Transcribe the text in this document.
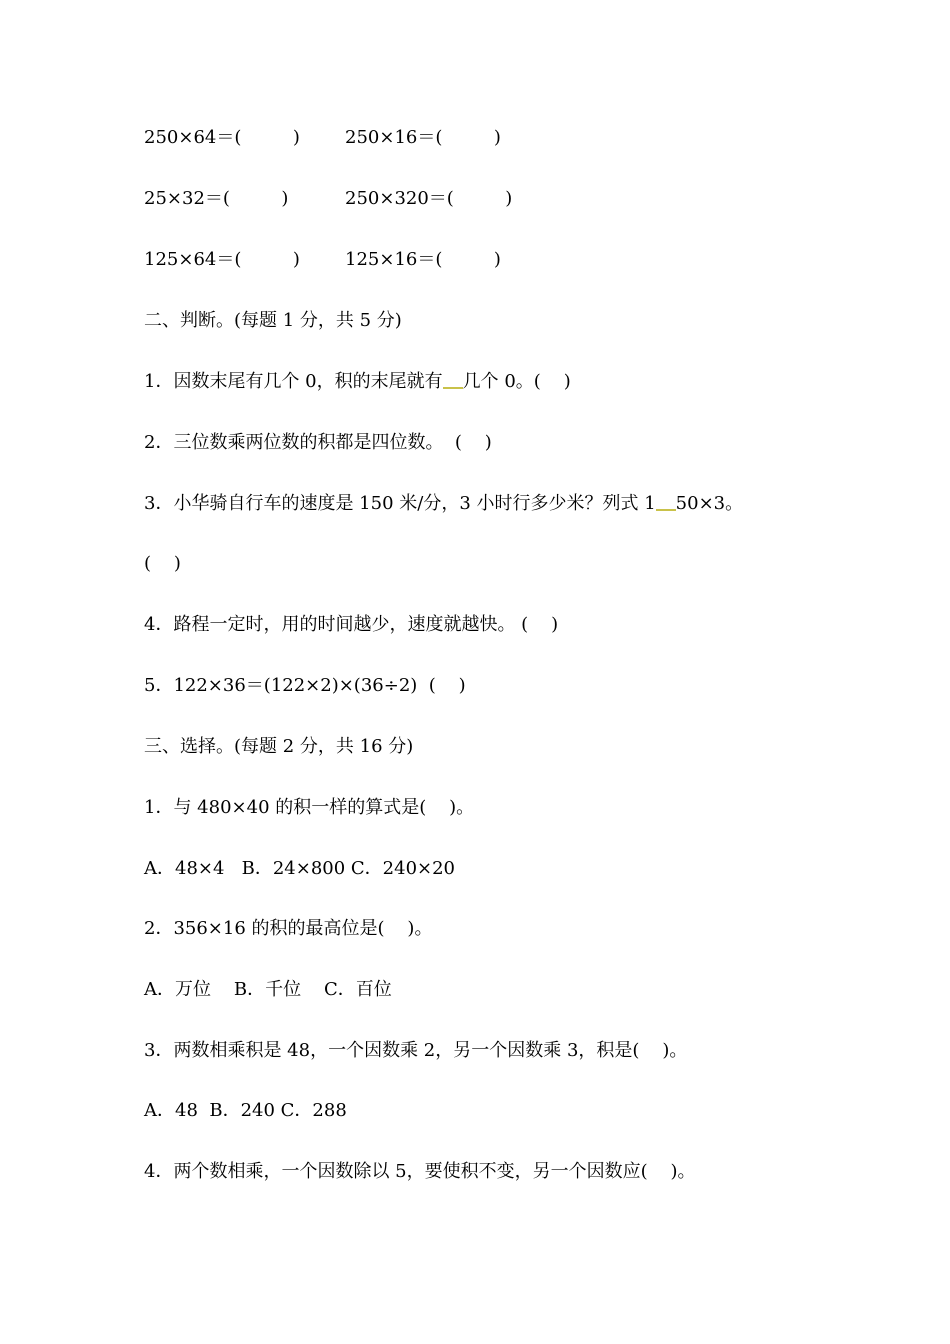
250×64＝(         )	250×16＝(         )
25×32＝(         )	250×320＝(         )
125×64＝(         )	125×16＝(         )
二、判断。(每题 1 分，共 5 分)
1．因数末尾有几个 0，积的末尾就有 几个 0。(    )
2．三位数乘两位数的积都是四位数。  (    )
3．小华骑自行车的速度是 150 米/分，3 小时行多少米？列式 1 50×3。
(    )
4．路程一定时，用的时间越少，速度就越快。 (    )
5．122×36＝(122×2)×(36÷2)  (    )
三、选择。(每题 2 分，共 16 分)
1．与 480×40 的积一样的算式是(    )。
A．48×4   B．24×800 C．240×20
2．356×16 的积的最高位是(    )。
A．万位    B．千位    C．百位
3．两数相乘积是 48，一个因数乘 2，另一个因数乘 3，积是(    )。
A．48  B．240 C．288
4．两个数相乘，一个因数除以 5，要使积不变，另一个因数应(    )。
